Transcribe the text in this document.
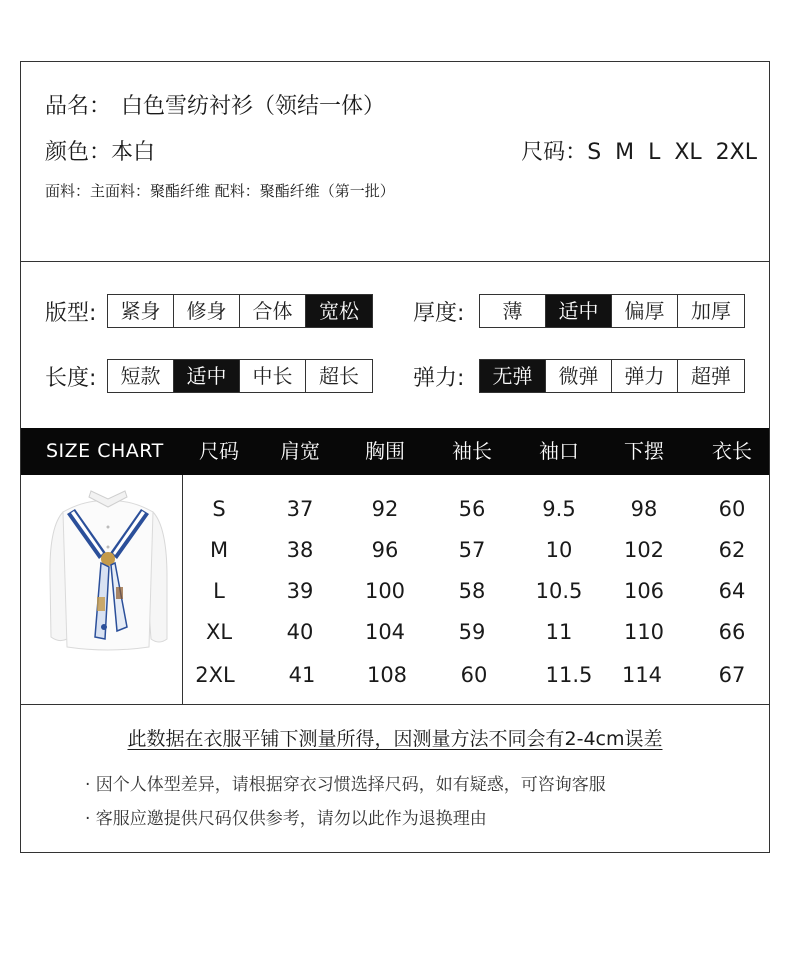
品名： 白色雪纺衬衫（领结一体）
颜色：本白	尺码：S  M  L  XL  2XL
面料：主面料：聚酯纤维 配料：聚酯纤维（第一批）
版型:	紧身	修身	合体	宽松	厚度:	薄	适中	偏厚	加厚
长度:	短款	适中	中长	超长	弹力:	无弹	微弹	弹力	超弹
SIZE CHART	尺码	肩宽	胸围	袖长	袖口	下摆	衣长
S	37	92	56	9.5	98	60
M	38	96	57	10	102	62
L	39	100	58	10.5	106	64
XL	40	104	59	11	110	66
2XL	41	108	60	11.5	114	67
此数据在衣服平铺下测量所得，因测量方法不同会有2-4cm误差
· 因个人体型差异，请根据穿衣习惯选择尺码，如有疑惑，可咨询客服
· 客服应邀提供尺码仅供参考，请勿以此作为退换理由
